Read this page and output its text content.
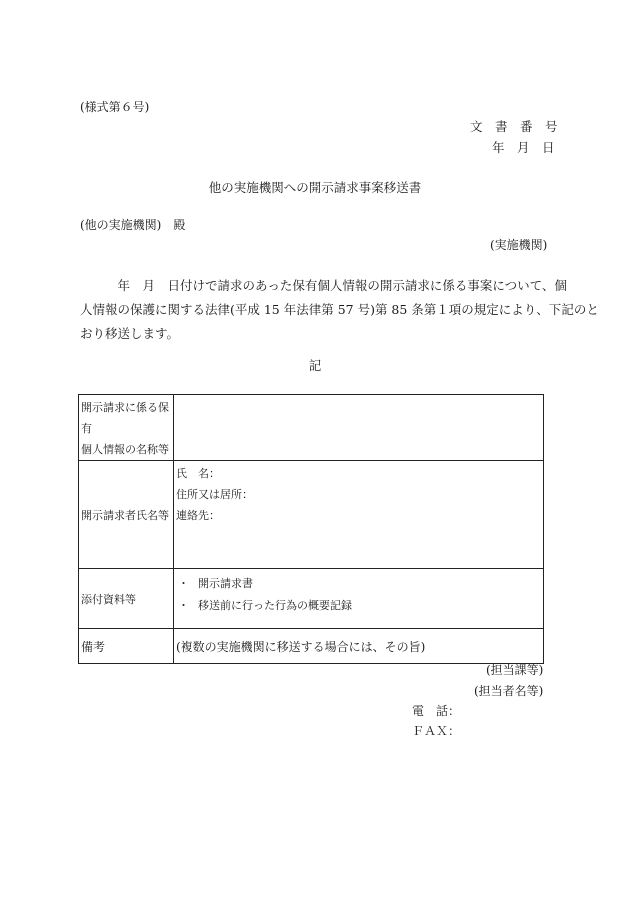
(様式第６号)
文　書　番　号
年　月　日
他の実施機関への開示請求事案移送書
(他の実施機関)　殿
(実施機関)
　　　年　月　日付けで請求のあった保有個人情報の開示請求に係る事案について、個
人情報の保護に関する法律(平成 15 年法律第 57 号)第 85 条第１項の規定により、下記のと
おり移送します。
記
開示請求に係る保有
個人情報の名称等	

開示請求者氏名等	氏　名：
住所又は居所：
連絡先：

添付資料等	・ 開示請求書
・ 移送前に行った行為の概要記録

備考	(複数の実施機関に移送する場合には、その旨)
(担当課等)
(担当者名等)
電　話：
ＦＡＸ：
